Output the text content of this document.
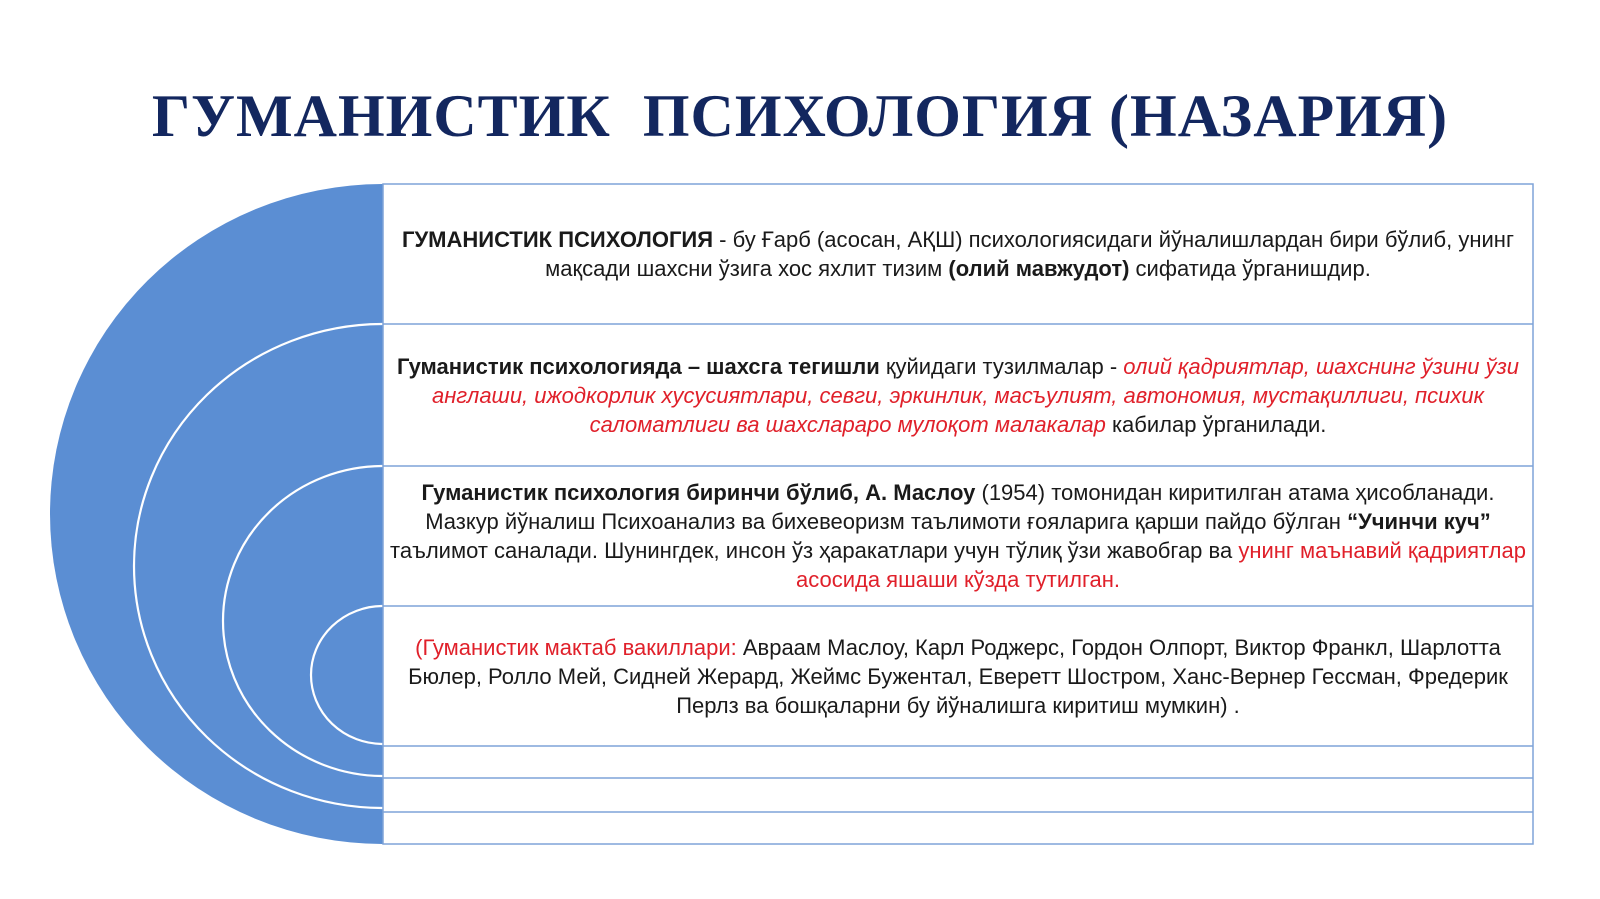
ГУМАНИСТИК  ПСИХОЛОГИЯ (НАЗАРИЯ)
ГУМАНИСТИК ПСИХОЛОГИЯ - бу Ғарб (асосан, АҚШ) психологиясидаги йўналишлардан бири бўлиб, унинг мақсади шахсни ўзига хос яхлит тизим (олий мавжудот) сифатида ўрганишдир.
Гуманистик психологияда – шахсга тегишли қуйидаги тузилмалар - олий қадриятлар, шахснинг ўзини ўзи англаши, ижодкорлик хусусиятлари, севги, эркинлик, масъулият, автономия, мустақиллиги, психик саломатлиги ва шахслараро мулоқот малакалар кабилар ўрганилади.
Гуманистик психология биринчи бўлиб, А. Маслоу (1954) томонидан киритилган атама ҳисобланади. Мазкур йўналиш Психоанализ ва бихевеоризм таълимоти ғояларига қарши пайдо бўлган “Учинчи куч” таълимот саналади. Шунингдек, инсон ўз ҳаракатлари учун тўлиқ ўзи жавобгар ва унинг маънавий қадриятлар асосида яшаши кўзда тутилган.
(Гуманистик мактаб вакиллари: Авраам Маслоу, Карл Роджерс, Гордон Олпорт, Виктор Франкл, Шарлотта Бюлер, Ролло Мей, Сидней Жерард, Жеймс Бужентал, Еверетт Шостром, Ханс-Вернер Гессман, Фредерик Перлз ва бошқаларни бу йўналишга киритиш мумкин) .
